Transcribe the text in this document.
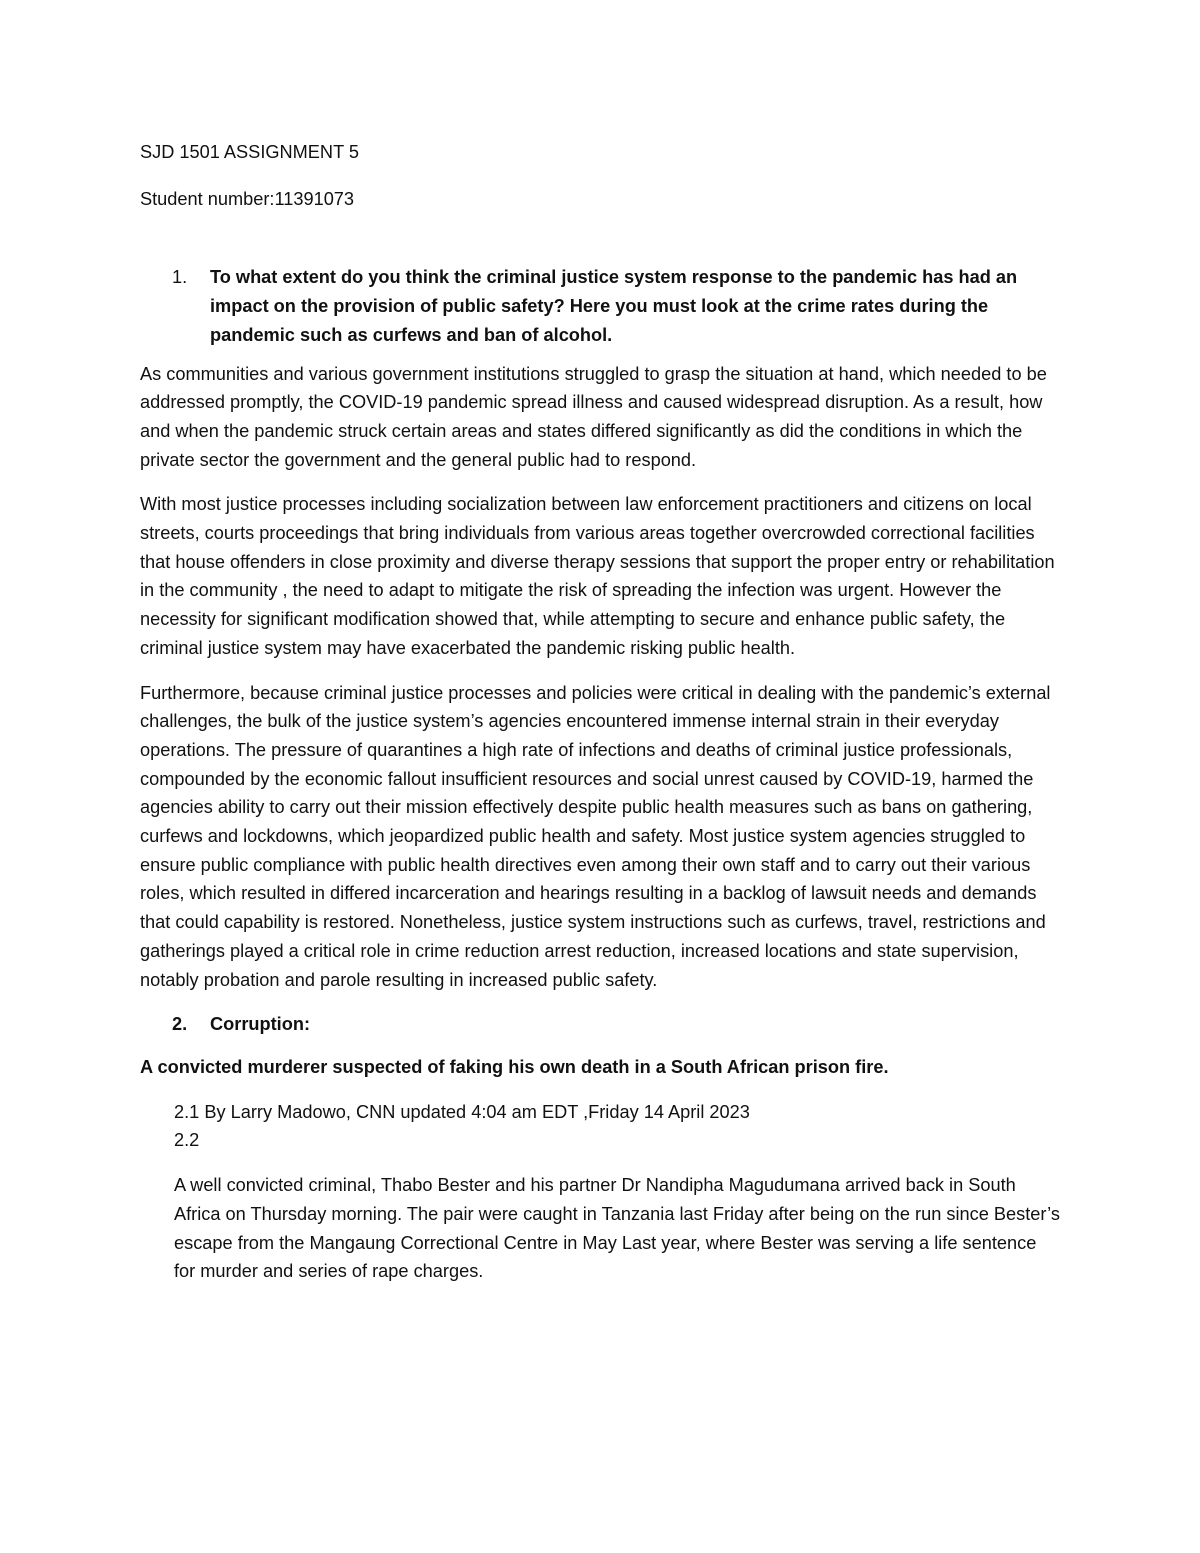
SJD 1501 ASSIGNMENT 5

Student number:11391073

1.	To what extent do you think the criminal justice system response to the pandemic has had an impact on the provision of public safety? Here you must look at the crime rates during the pandemic such as curfews and ban of alcohol.

As communities and various government institutions struggled to grasp the situation at hand, which needed to be addressed promptly, the COVID-19 pandemic spread illness and caused widespread disruption. As a result, how and when the pandemic struck certain areas and states differed significantly as did the conditions in which the private sector the government and the general public had to respond.

With most justice processes including socialization between law enforcement practitioners and citizens on local streets, courts proceedings that bring individuals from various areas together overcrowded correctional facilities that house offenders in close proximity and diverse therapy sessions that support the proper entry or rehabilitation in the community , the need to adapt to mitigate the risk of spreading the infection was urgent. However the necessity for significant modification showed that, while attempting to secure and enhance public safety, the criminal justice system may have exacerbated the pandemic risking public health.

Furthermore, because criminal justice processes and policies were critical in dealing with the pandemic’s external challenges, the bulk of the justice system’s agencies encountered immense internal strain in their everyday operations. The pressure of quarantines a high rate of infections and deaths of criminal justice professionals, compounded by the economic fallout insufficient resources and social unrest caused by COVID-19, harmed the agencies ability to carry out their mission effectively despite public health measures such as bans on gathering, curfews and lockdowns, which jeopardized public health and safety. Most justice system agencies struggled to ensure public compliance with public health directives even among their own staff and to carry out their various roles, which resulted in differed incarceration and hearings resulting in a backlog of lawsuit needs and demands that could capability is restored. Nonetheless, justice system instructions such as curfews, travel, restrictions and gatherings played a critical role in crime reduction arrest reduction, increased locations and state supervision, notably probation and parole resulting in increased public safety.

2.	Corruption:

A convicted murderer suspected of faking his own death in a South African prison fire.

2.1 By Larry Madowo, CNN updated 4:04 am EDT ,Friday 14 April 2023

2.2

A well convicted criminal, Thabo Bester and his partner Dr Nandipha Magudumana arrived back in South Africa on Thursday morning. The pair were caught in Tanzania last Friday after being on the run since Bester’s escape from the Mangaung Correctional Centre in May Last year, where Bester was serving a life sentence for murder and series of rape charges.
